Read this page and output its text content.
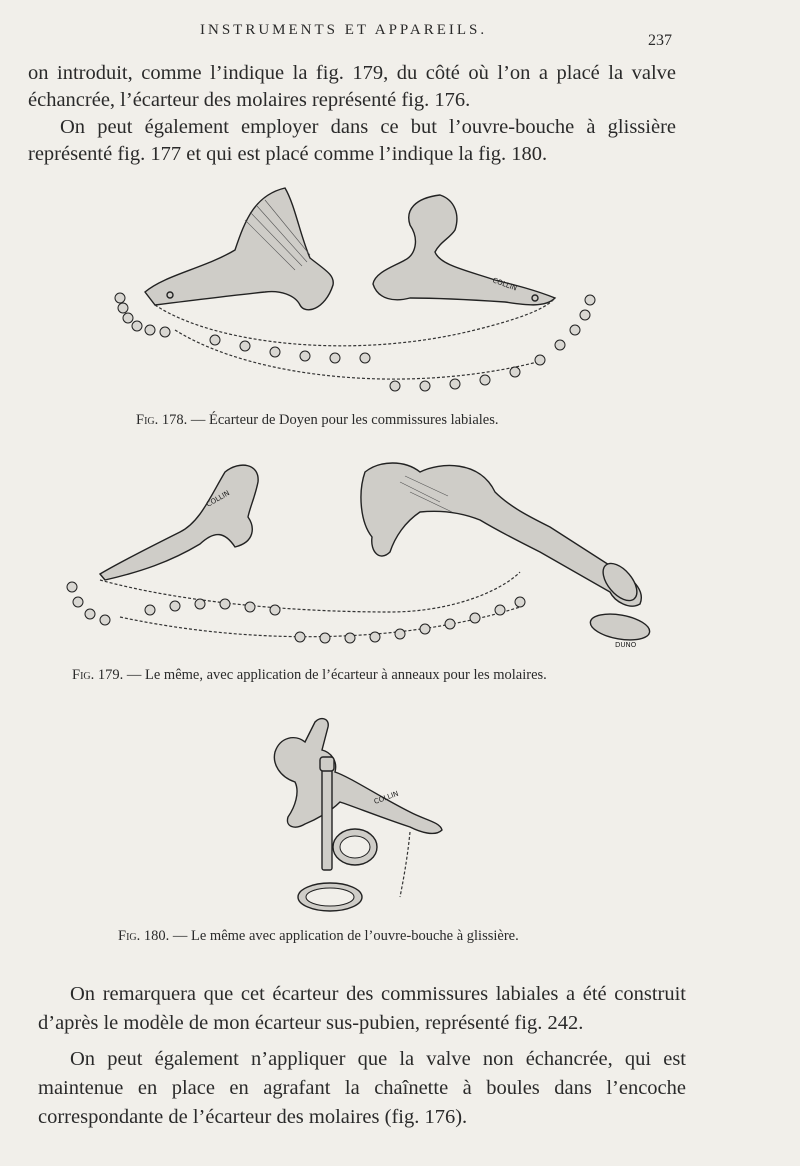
INSTRUMENTS ET APPAREILS.
237
on introduit, comme l’indique la fig. 179, du côté où l’on a placé la valve échancrée, l’écarteur des molaires représenté fig. 176.
On peut également employer dans ce but l’ouvre-bouche à glissière représenté fig. 177 et qui est placé comme l’indique la fig. 180.
COLLIN
Fig. 178. — Écarteur de Doyen pour les commissures labiales.
COLLIN
DUNO
Fig. 179. — Le même, avec application de l’écarteur à anneaux pour les molaires.
COLLIN
Fig. 180. — Le même avec application de l’ouvre-bouche à glissière.
On remarquera que cet écarteur des commissures labiales a été construit d’après le modèle de mon écarteur sus-pubien, représenté fig. 242.
On peut également n’appliquer que la valve non échancrée, qui est maintenue en place en agrafant la chaînette à boules dans l’encoche correspondante de l’écarteur des molaires (fig. 176).
